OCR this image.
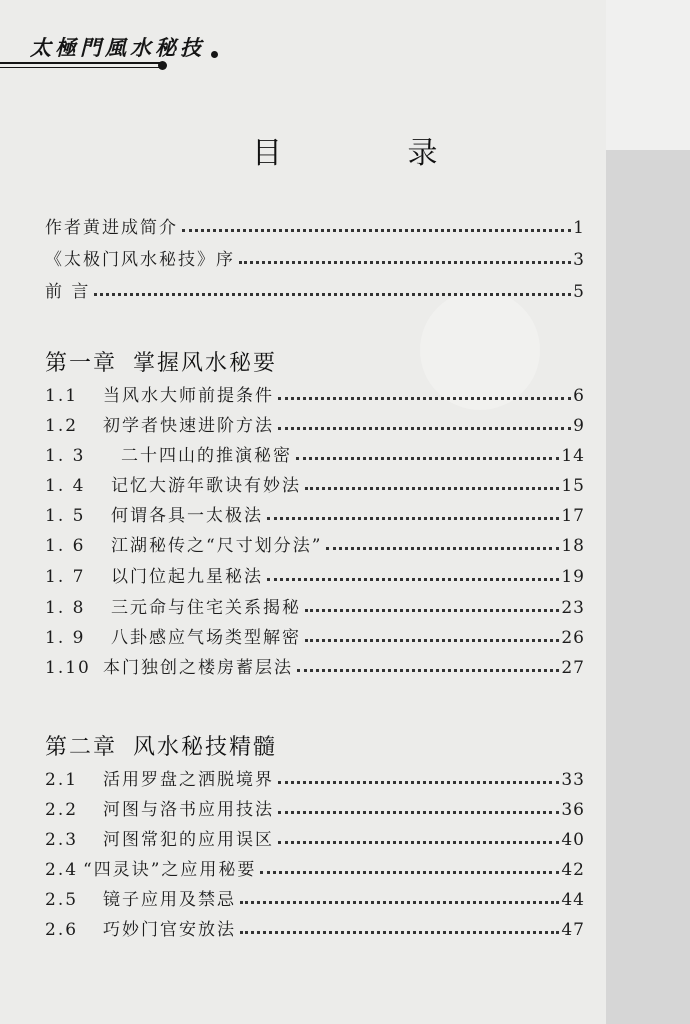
太極門風水秘技
目 录
作者黄进成简介	1
《太极门风水秘技》序	3
前 言	5
第一章 掌握风水秘要
1.1	当风水大师前提条件	6
1.2	初学者快速进阶方法	9
1. 3	二十四山的推演秘密	14
1. 4	记忆大游年歌诀有妙法	15
1. 5	何谓各具一太极法	17
1. 6	江湖秘传之“尺寸划分法”	18
1. 7	以门位起九星秘法	19
1. 8	三元命与住宅关系揭秘	23
1. 9	八卦感应气场类型解密	26
1.10 本门独创之楼房蓄层法	27
第二章 风水秘技精髓
2.1	活用罗盘之洒脱境界	33
2.2	河图与洛书应用技法	36
2.3	河图常犯的应用误区	40
2.4 “四灵诀”之应用秘要	42
2.5	镜子应用及禁忌	44
2.6	巧妙门官安放法	47
